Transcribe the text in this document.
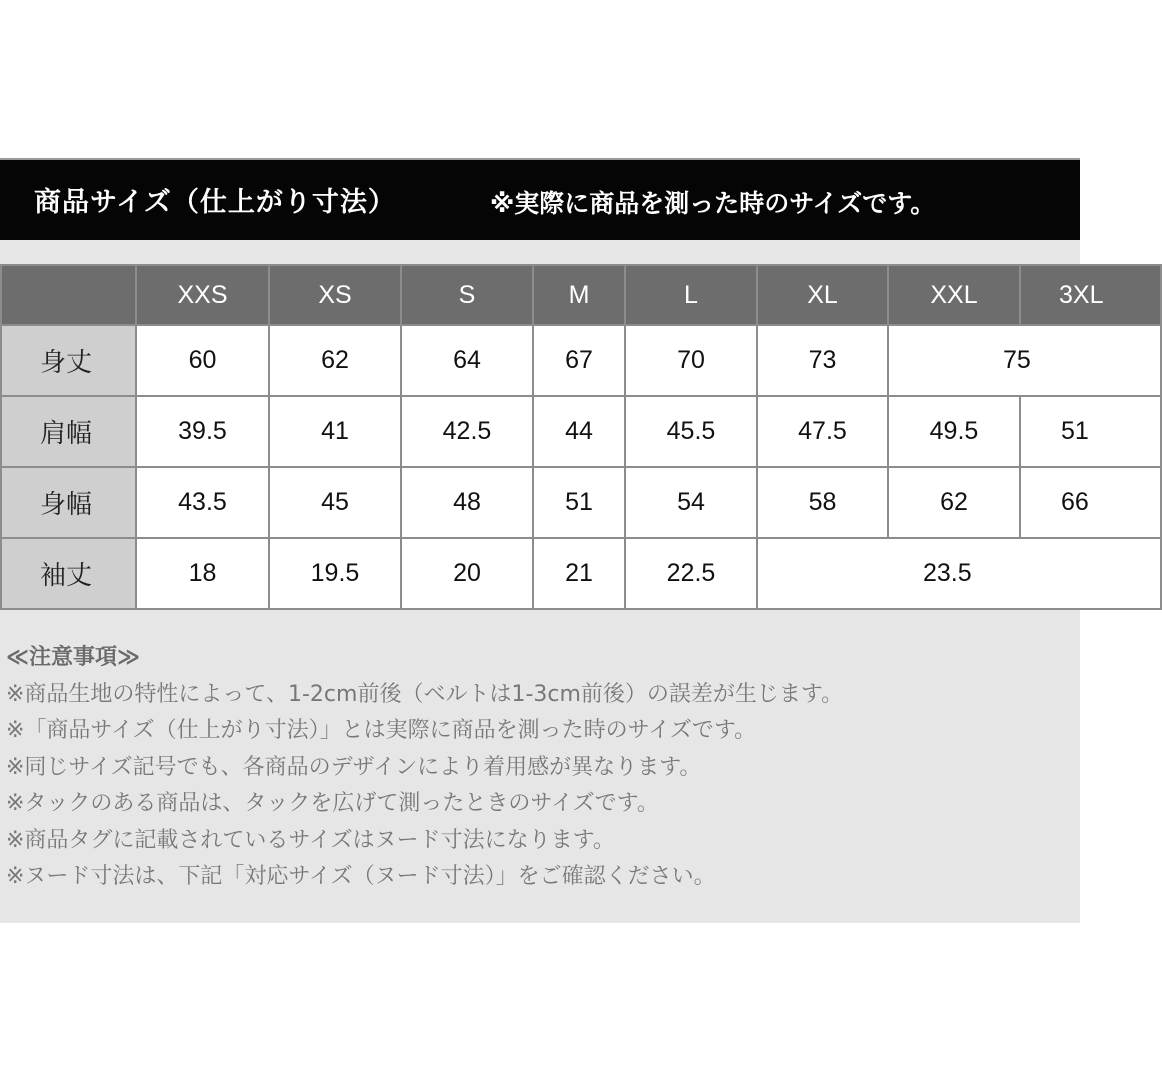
商品サイズ（仕上がり寸法）	※実際に商品を測った時のサイズです。
	XXS	XS	S	M	L	XL	XXL	3XL
身丈	60	62	64	67	70	73	75	
肩幅	39.5	41	42.5	44	45.5	47.5	49.5	51
身幅	43.5	45	48	51	54	58	62	66
袖丈	18	19.5	20	21	22.5	23.5		
≪注意事項≫
※商品生地の特性によって、1-2cm前後（ベルトは1-3cm前後）の誤差が生じます。
※「商品サイズ（仕上がり寸法）」とは実際に商品を測った時のサイズです。
※同じサイズ記号でも、各商品のデザインにより着用感が異なります。
※タックのある商品は、タックを広げて測ったときのサイズです。
※商品タグに記載されているサイズはヌード寸法になります。
※ヌード寸法は、下記「対応サイズ（ヌード寸法）」をご確認ください。
